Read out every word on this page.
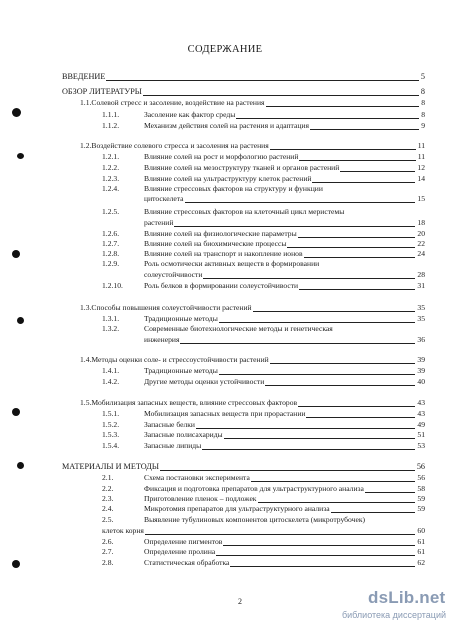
СОДЕРЖАНИЕ
ВВЕДЕНИЕ	5
ОБЗОР ЛИТЕРАТУРЫ	8
1.1.Солевой стресс и засоление, воздействие на растения	8
1.1.1.	Засоление как фактор среды	8
1.1.2.	Механизм действия солей на растения и адаптация	9
1.2.Воздействие солевого стресса и засоления на растения	11
1.2.1.	Влияние солей на рост и морфологию растений	11
1.2.2.	Влияние солей на мезоструктуру тканей и органов растений	12
1.2.3.	Влияние солей на ультраструктуру клеток растений	14
1.2.4.	Влияние стрессовых факторов на структуру и функции
цитоскелета	15
1.2.5.	Влияние стрессовых факторов на клеточный цикл меристемы
растений	18
1.2.6.	Влияние солей на физиологические параметры	20
1.2.7.	Влияние солей на биохимические процессы	22
1.2.8.	Влияние солей на транспорт и накопление ионов	24
1.2.9.	Роль осмотически активных веществ в формировании
солеустойчивости	28
1.2.10.	Роль белков в формировании солеустойчивости	31
1.3.Способы повышения солеустойчивости растений	35
1.3.1.	Традиционные методы	35
1.3.2.	Современные биотехнологические методы и генетическая
инженерия	36
1.4.Методы оценки соле- и стрессоустойчивости растений	39
1.4.1.	Традиционные методы	39
1.4.2.	Другие методы оценки устойчивости	40
1.5.Мобилизация запасных веществ, влияние стрессовых факторов	43
1.5.1.	Мобилизация запасных веществ при прорастании	43
1.5.2.	Запасные белки	49
1.5.3.	Запасные полисахариды	51
1.5.4.	Запасные липиды	53
МАТЕРИАЛЫ И МЕТОДЫ	56
2.1.	Схема постановки эксперимента	56
2.2.	Фиксация и подготовка препаратов для ультраструктурного анализа	58
2.3.	Приготовление пленок – подложек	59
2.4.	Микротомия препаратов для ультраструктурного анализа	59
2.5.	Выявление тубулиновых компонентов цитоскелета (микротрубочек)
клеток корня	60
2.6.	Определение пигментов	61
2.7.	Определение пролина	61
2.8.	Статистическая обработка	62
2	dsLib.net
библиотека диссертаций
